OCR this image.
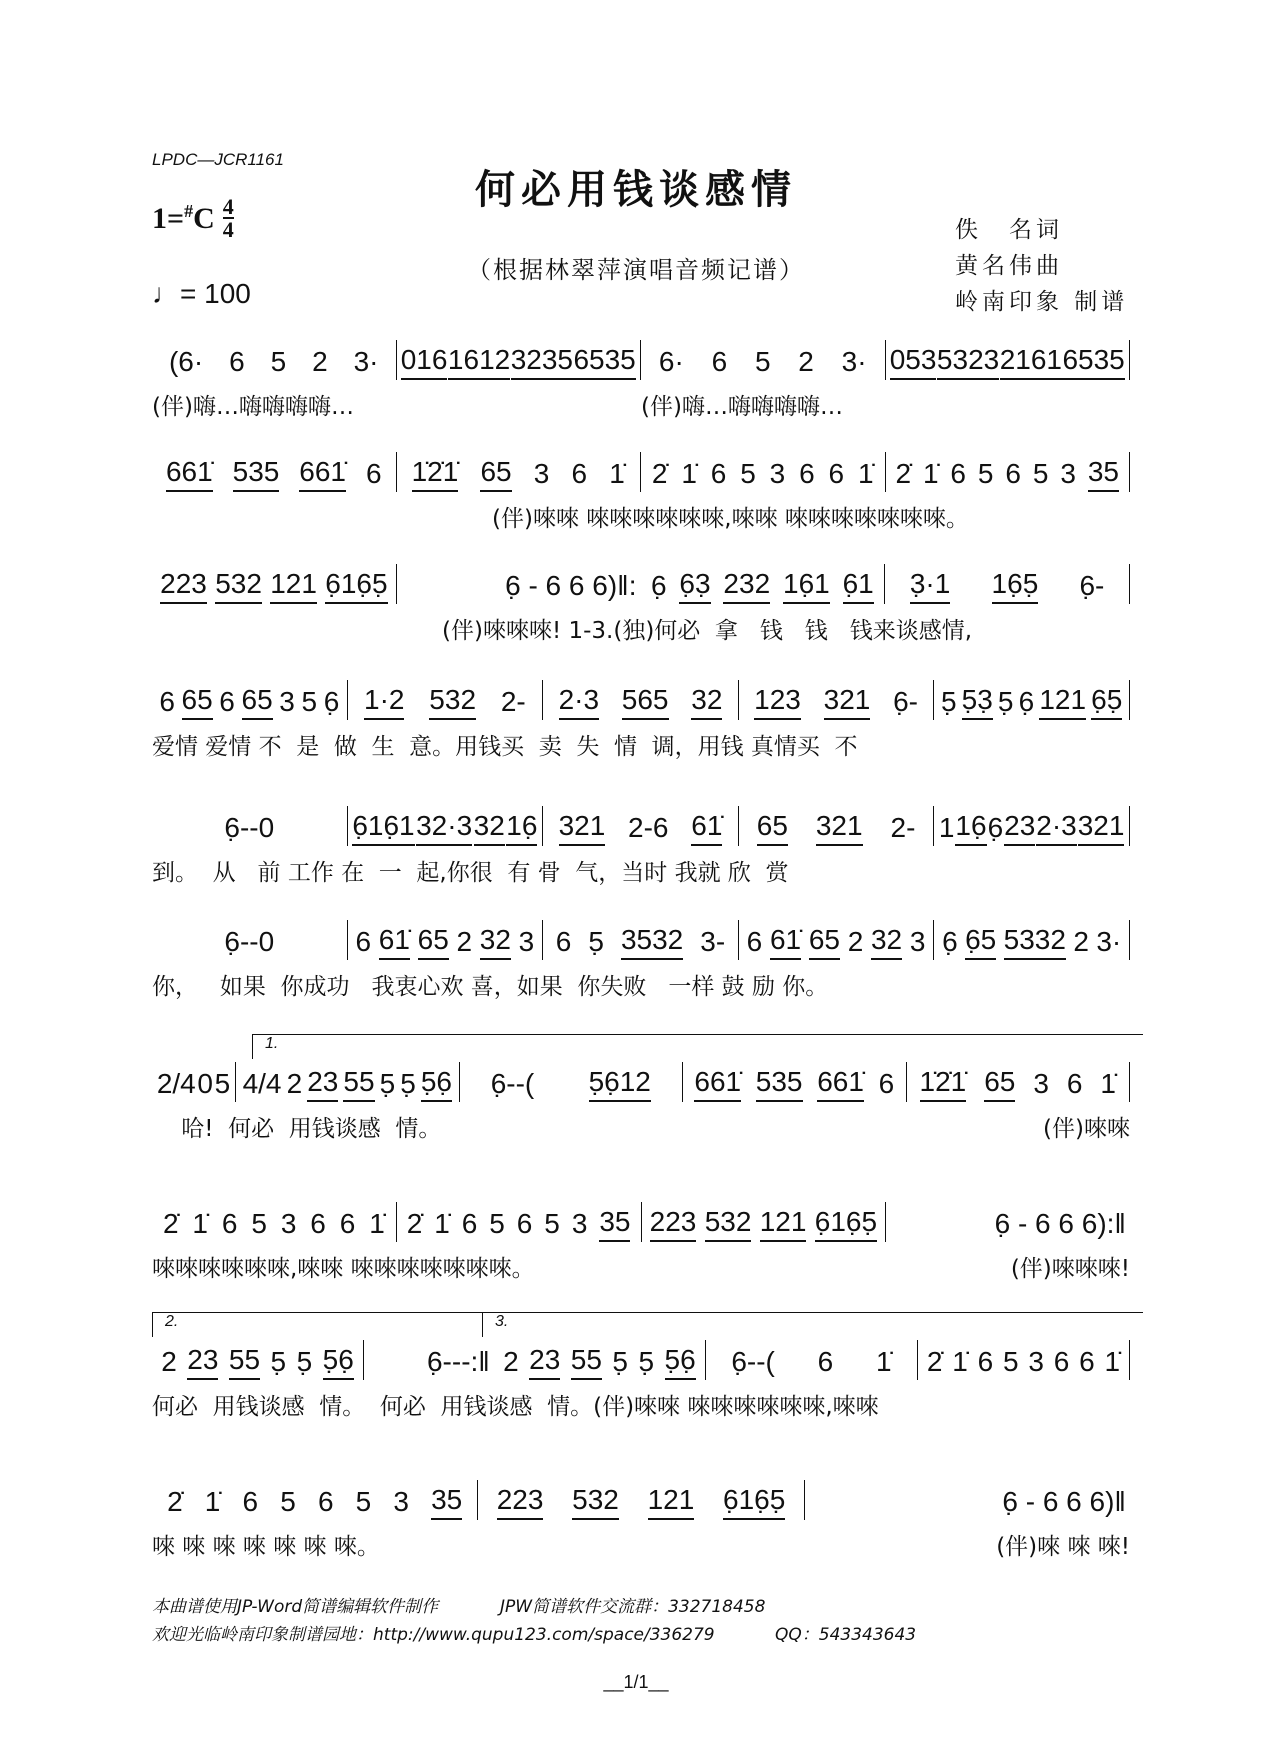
LPDC—JCR1161
何必用钱谈感情
（根据林翠萍演唱音频记谱）
$1=^{\#}C \frac{4}{4}$
♩= 100
佚　名词
黄名伟曲
岭南印象 制谱
(6· 6 5 2 3· 016 1612 3235 6535 6· 6 5 2 3· 053 5323 2161 6535
(伴)嗨…嗨嗨嗨嗨…	(伴)嗨…嗨嗨嗨嗨…
661̇ 535 661̇ 6 1̇2̇1̇ 65 3 6 1̇ 2̇ 1̇ 6 5 3 6 6 1̇ 2̇ 1̇ 6 5 6 5 3 35
(伴)唻唻 唻唻唻唻唻唻,唻唻 唻唻唻唻唻唻唻。
223 532 121 6̣16̣5̣	6̣ - 6 6 6)‖: 6̣ 6̣3̣ 232 16̣1 6̣1 3̣·1 16̣5̣ 6̣-
(伴)唻唻唻! 1-3.(独)何必  拿   钱   钱   钱来谈感情,
6 65 6 65 3 5 6̣ 1·2 532 2- 2·3 565 32 123 321 6̣- 5̣ 5̣3̣ 5̣ 6̣ 121 6̣5̣
爱情 爱情 不  是  做  生  意。用钱买  卖  失  情  调，用钱 真情买  不
6̣--0	6̣16̣1 32·3 32 16̣ 321 2-6 61̇ 65 321 2- 1 16̣ 6̣ 23 2·3 321
到。  从   前 工作 在  一  起,你很  有 骨  气，当时 我就 欣  赏
6̣--0	6 61̇ 65 2 32 3 6 5̣ 3532 3- 6 61̇ 65 2 32 3 6̣ 6̣5 5332 2 3·
你，   如果  你成功   我衷心欢 喜，如果  你失败   一样 鼓 励 你。
2/4 0 5 4/4 2 23 55 5̣ 5̣ 5̣6̣ 6̣--( 5̣6̣12 661̇ 535 661̇ 6 1̇2̇1̇ 65 3 6 1̇
哈!  何必  用钱谈感  情。	(伴)唻唻
1.
2̇ 1̇ 6 5 3 6 6 1̇ 2̇ 1̇ 6 5 6 5 3 35 223 532 121 6̣16̣5̣	6̣ - 6 6 6):‖
唻唻唻唻唻唻,唻唻 唻唻唻唻唻唻唻。	(伴)唻唻唻!
2 23 55 5̣ 5̣ 5̣6̣	6̣---:‖ 2 23 55 5̣ 5̣ 5̣6̣ 6̣--( 6 1̇ 2̇ 1̇ 6 5 3 6 6 1̇
何必  用钱谈感  情。  何必  用钱谈感  情。(伴)唻唻 唻唻唻唻唻唻,唻唻
2.	3.
2̇ 1̇ 6 5 6 5 3 35 223 532 121 6̣16̣5̣	6̣ - 6 6 6)‖
唻 唻 唻 唻 唻 唻 唻。	(伴)唻 唻 唻!
本曲谱使用JP-Word简谱编辑软件制作	JPW简谱软件交流群：332718458
欢迎光临岭南印象制谱园地：http://www.qupu123.com/space/336279	QQ：543343643
__1/1__
